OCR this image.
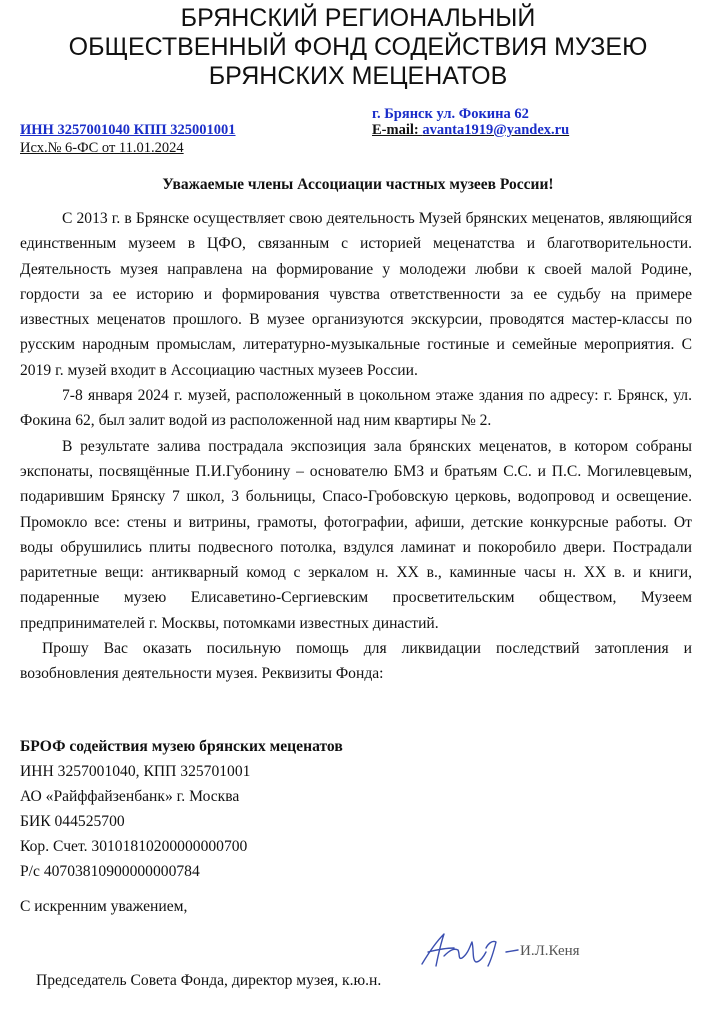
БРЯНСКИЙ РЕГИОНАЛЬНЫЙ
ОБЩЕСТВЕННЫЙ ФОНД СОДЕЙСТВИЯ МУЗЕЮ
БРЯНСКИХ МЕЦЕНАТОВ
г. Брянск ул. Фокина 62
ИНН 3257001040 КПП 325001001	E-mail: avanta1919@yandex.ru
Исх.№ 6-ФС от 11.01.2024
Уважаемые члены Ассоциации частных музеев России!

С 2013 г. в Брянске осуществляет свою деятельность Музей брянских меценатов, являющийся единственным музеем в ЦФО, связанным с историей меценатства и благотворительности. Деятельность музея направлена на формирование у молодежи любви к своей малой Родине, гордости за ее историю и формирования чувства ответственности за ее судьбу на примере известных меценатов прошлого. В музее организуются экскурсии, проводятся мастер-классы по русским народным промыслам, литературно-музыкальные гостиные и семейные мероприятия. С 2019 г. музей входит в Ассоциацию частных музеев России.

7-8 января 2024 г. музей, расположенный в цокольном этаже здания по адресу: г. Брянск, ул. Фокина 62, был залит водой из расположенной над ним квартиры № 2.

В результате залива пострадала экспозиция зала брянских меценатов, в котором собраны экспонаты, посвящённые П.И.Губонину – основателю БМЗ и братьям С.С. и П.С. Могилевцевым, подарившим Брянску 7 школ, 3 больницы, Спасо-Гробовскую церковь, водопровод и освещение. Промокло все: стены и витрины, грамоты, фотографии, афиши, детские конкурсные работы. От воды обрушились плиты подвесного потолка, вздулся ламинат и покоробило двери. Пострадали раритетные вещи: антикварный комод с зеркалом н. XX в., каминные часы н. XX в. и книги, подаренные музею Елисаветино-Сергиевским просветительским обществом, Музеем предпринимателей г. Москвы, потомками известных династий.

Прошу Вас оказать посильную помощь для ликвидации последствий затопления и возобновления деятельности музея. Реквизиты Фонда:

БРОФ содействия музею брянских меценатов
ИНН 3257001040, КПП 325701001
АО «Райффайзенбанк» г. Москва
БИК 044525700
Кор. Счет. 30101810200000000700
Р/с 40703810900000000784
С искренним уважением,
И.Л.Кеня
Председатель Совета Фонда, директор музея, к.ю.н.
